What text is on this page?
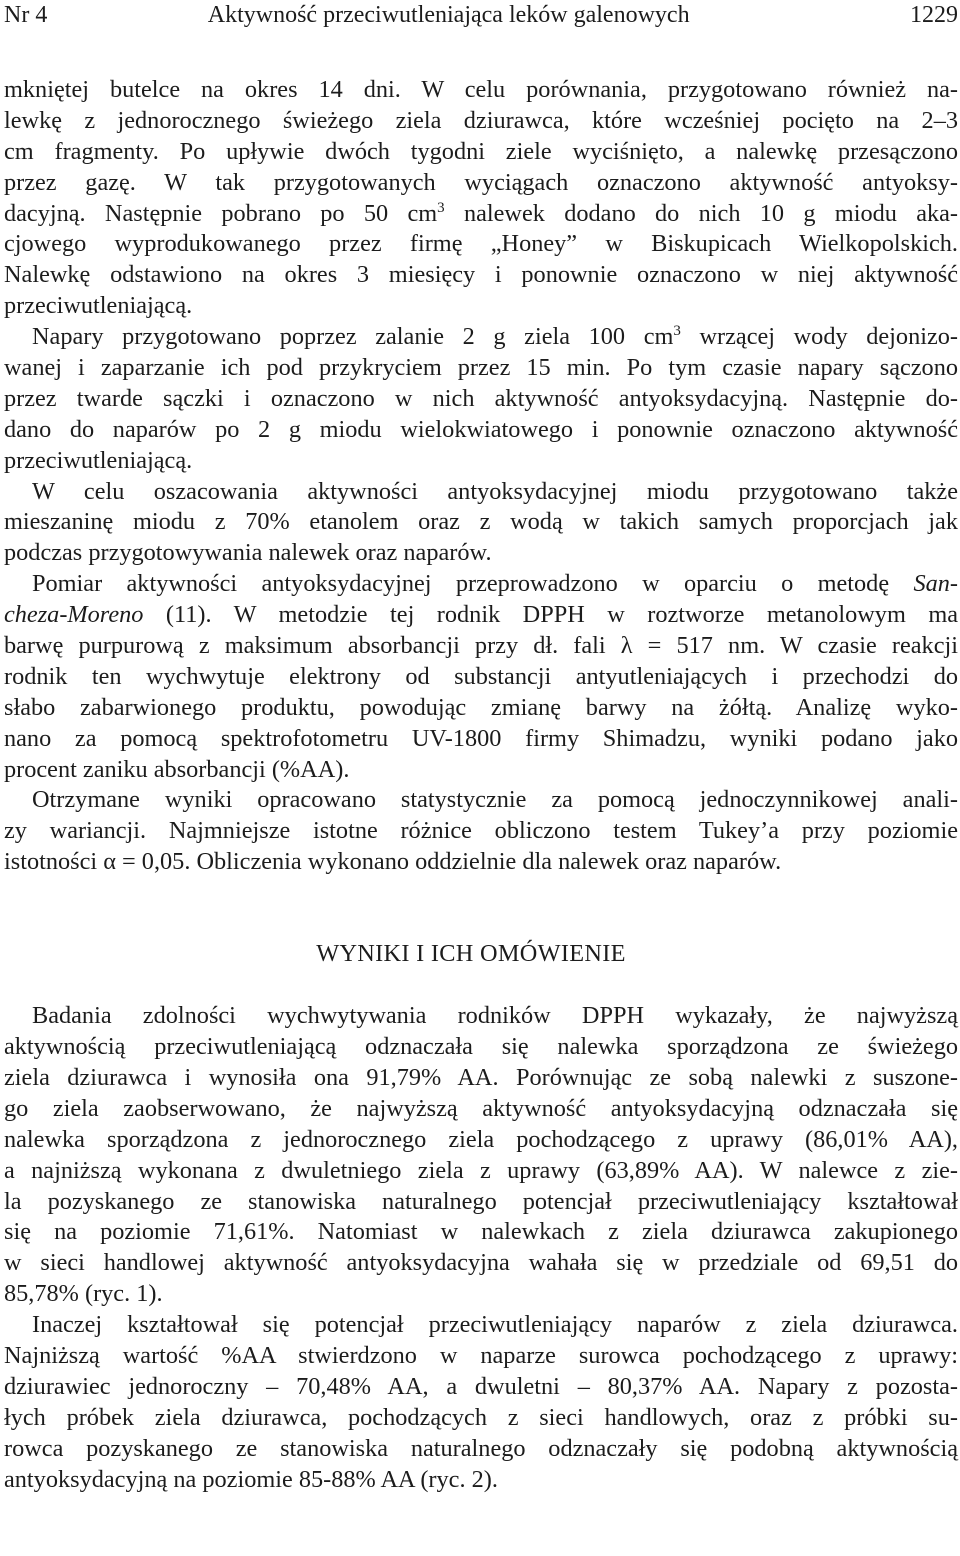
Nr 4	Aktywność przeciwutleniająca leków galenowych	1229
mkniętej butelce na okres 14 dni. W celu porównania, przygotowano również na-
lewkę z jednorocznego świeżego ziela dziurawca, które wcześniej pocięto na 2–3
cm fragmenty. Po upływie dwóch tygodni ziele wyciśnięto, a nalewkę przesączono
przez gazę. W tak przygotowanych wyciągach oznaczono aktywność antyoksy-
dacyjną. Następnie pobrano po 50 $cm^3$ nalewek dodano do nich 10 g miodu aka-
cjowego wyprodukowanego przez firmę „Honey” w Biskupicach Wielkopolskich.
Nalewkę odstawiono na okres 3 miesięcy i ponownie oznaczono w niej aktywność
przeciwutleniającą.
Napary przygotowano poprzez zalanie 2 g ziela 100 $cm^3$ wrzącej wody dejonizo-
wanej i zaparzanie ich pod przykryciem przez 15 min. Po tym czasie napary sączono
przez twarde sączki i oznaczono w nich aktywność antyoksydacyjną. Następnie do-
dano do naparów po 2 g miodu wielokwiatowego i ponownie oznaczono aktywność
przeciwutleniającą.
W celu oszacowania aktywności antyoksydacyjnej miodu przygotowano także
mieszaninę miodu z 70% etanolem oraz z wodą w takich samych proporcjach jak
podczas przygotowywania nalewek oraz naparów.
Pomiar aktywności antyoksydacyjnej przeprowadzono w oparciu o metodę San-
cheza-Moreno (11). W metodzie tej rodnik DPPH w roztworze metanolowym ma
barwę purpurową z maksimum absorbancji przy dł. fali λ = 517 nm. W czasie reakcji
rodnik ten wychwytuje elektrony od substancji antyutleniających i przechodzi do
słabo zabarwionego produktu, powodując zmianę barwy na żółtą. Analizę wyko-
nano za pomocą spektrofotometru UV-1800 firmy Shimadzu, wyniki podano jako
procent zaniku absorbancji (%AA).
Otrzymane wyniki opracowano statystycznie za pomocą jednoczynnikowej anali-
zy wariancji. Najmniejsze istotne różnice obliczono testem Tukey’a przy poziomie
istotności α = 0,05. Obliczenia wykonano oddzielnie dla nalewek oraz naparów.
WYNIKI I ICH OMÓWIENIE
Badania zdolności wychwytywania rodników DPPH wykazały, że najwyższą
aktywnością przeciwutleniającą odznaczała się nalewka sporządzona ze świeżego
ziela dziurawca i wynosiła ona 91,79% AA. Porównując ze sobą nalewki z suszone-
go ziela zaobserwowano, że najwyższą aktywność antyoksydacyjną odznaczała się
nalewka sporządzona z jednorocznego ziela pochodzącego z uprawy (86,01% AA),
a najniższą wykonana z dwuletniego ziela z uprawy (63,89% AA). W nalewce z zie-
la pozyskanego ze stanowiska naturalnego potencjał przeciwutleniający kształtował
się na poziomie 71,61%. Natomiast w nalewkach z ziela dziurawca zakupionego
w sieci handlowej aktywność antyoksydacyjna wahała się w przedziale od 69,51 do
85,78% (ryc. 1).
Inaczej kształtował się potencjał przeciwutleniający naparów z ziela dziurawca.
Najniższą wartość %AA stwierdzono w naparze surowca pochodzącego z uprawy:
dziurawiec jednoroczny – 70,48% AA, a dwuletni – 80,37% AA. Napary z pozosta-
łych próbek ziela dziurawca, pochodzących z sieci handlowych, oraz z próbki su-
rowca pozyskanego ze stanowiska naturalnego odznaczały się podobną aktywnością
antyoksydacyjną na poziomie 85-88% AA (ryc. 2).
